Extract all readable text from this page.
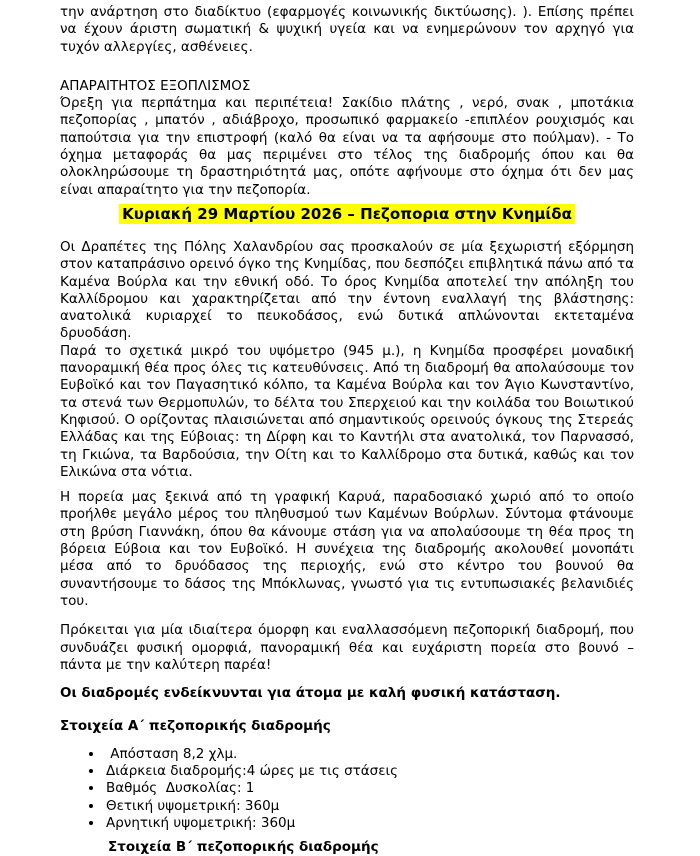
την ανάρτηση στο διαδίκτυο (εφαρμογές κοινωνικής δικτύωσης). ). Επίσης πρέπει να έχουν άριστη σωματική & ψυχική υγεία και να ενημερώνουν τον αρχηγό για τυχόν αλλεργίες, ασθένειες.

ΑΠΑΡΑΙΤΗΤΟΣ ΕΞΟΠΛΙΣΜΟΣ

Όρεξη για περπάτημα και περιπέτεια! Σακίδιο πλάτης , νερό, σνακ , μποτάκια πεζοπορίας , μπατόν , αδιάβροχο, προσωπικό φαρμακείο -επιπλέον ρουχισμός και παπούτσια για την επιστροφή (καλό θα είναι να τα αφήσουμε στο πούλμαν). - Το όχημα μεταφοράς θα μας περιμένει στο τέλος της διαδρομής όπου και θα ολοκληρώσουμε τη δραστηριότητά μας, οπότε αφήνουμε στο όχημα ότι δεν μας είναι απαραίτητο για την πεζοπορία.

Κυριακή 29 Μαρτίου 2026 – Πεζοπορια στην Κνημίδα

Οι Δραπέτες της Πόλης Χαλανδρίου σας προσκαλούν σε μία ξεχωριστή εξόρμηση στον καταπράσινο ορεινό όγκο της Κνημίδας, που δεσπόζει επιβλητικά πάνω από τα Καμένα Βούρλα και την εθνική οδό. Το όρος Κνημίδα αποτελεί την απόληξη του Καλλίδρομου και χαρακτηρίζεται από την έντονη εναλλαγή της βλάστησης: ανατολικά κυριαρχεί το πευκοδάσος, ενώ δυτικά απλώνονται εκτεταμένα δρυοδάση.

Παρά το σχετικά μικρό του υψόμετρο (945 μ.), η Κνημίδα προσφέρει μοναδική πανοραμική θέα προς όλες τις κατευθύνσεις. Από τη διαδρομή θα απολαύσουμε τον Ευβοϊκό και τον Παγασητικό κόλπο, τα Καμένα Βούρλα και τον Άγιο Κωνσταντίνο, τα στενά των Θερμοπυλών, το δέλτα του Σπερχειού και την κοιλάδα του Βοιωτικού Κηφισού. Ο ορίζοντας πλαισιώνεται από σημαντικούς ορεινούς όγκους της Στερεάς Ελλάδας και της Εύβοιας: τη Δίρφη και το Καντήλι στα ανατολικά, τον Παρνασσό, τη Γκιώνα, τα Βαρδούσια, την Οίτη και το Καλλίδρομο στα δυτικά, καθώς και τον Ελικώνα στα νότια.

Η πορεία μας ξεκινά από τη γραφική Καρυά, παραδοσιακό χωριό από το οποίο προήλθε μεγάλο μέρος του πληθυσμού των Καμένων Βούρλων. Σύντομα φτάνουμε στη βρύση Γιαννάκη, όπου θα κάνουμε στάση για να απολαύσουμε τη θέα προς τη βόρεια Εύβοια και τον Ευβοϊκό. Η συνέχεια της διαδρομής ακολουθεί μονοπάτι μέσα από το δρυόδασος της περιοχής, ενώ στο κέντρο του βουνού θα συναντήσουμε το δάσος της Μπόκλωνας, γνωστό για τις εντυπωσιακές βελανιδιές του.

Πρόκειται για μία ιδιαίτερα όμορφη και εναλλασσόμενη πεζοπορική διαδρομή, που συνδυάζει φυσική ομορφιά, πανοραμική θέα και ευχάριστη πορεία στο βουνό – πάντα με την καλύτερη παρέα!

Οι διαδρομές ενδείκνυνται για άτομα με καλή φυσική κατάσταση.

Στοιχεία Α΄ πεζοπορικής διαδρομής

•  Απόσταση 8,2 χλμ.
• Διάρκεια διαδρομής:4 ώρες με τις στάσεις
• Βαθμός  Δυσκολίας: 1
• Θετική υψομετρική: 360μ
• Αρνητική υψομετρική: 360μ

Στοιχεία Β΄ πεζοπορικής διαδρομής
